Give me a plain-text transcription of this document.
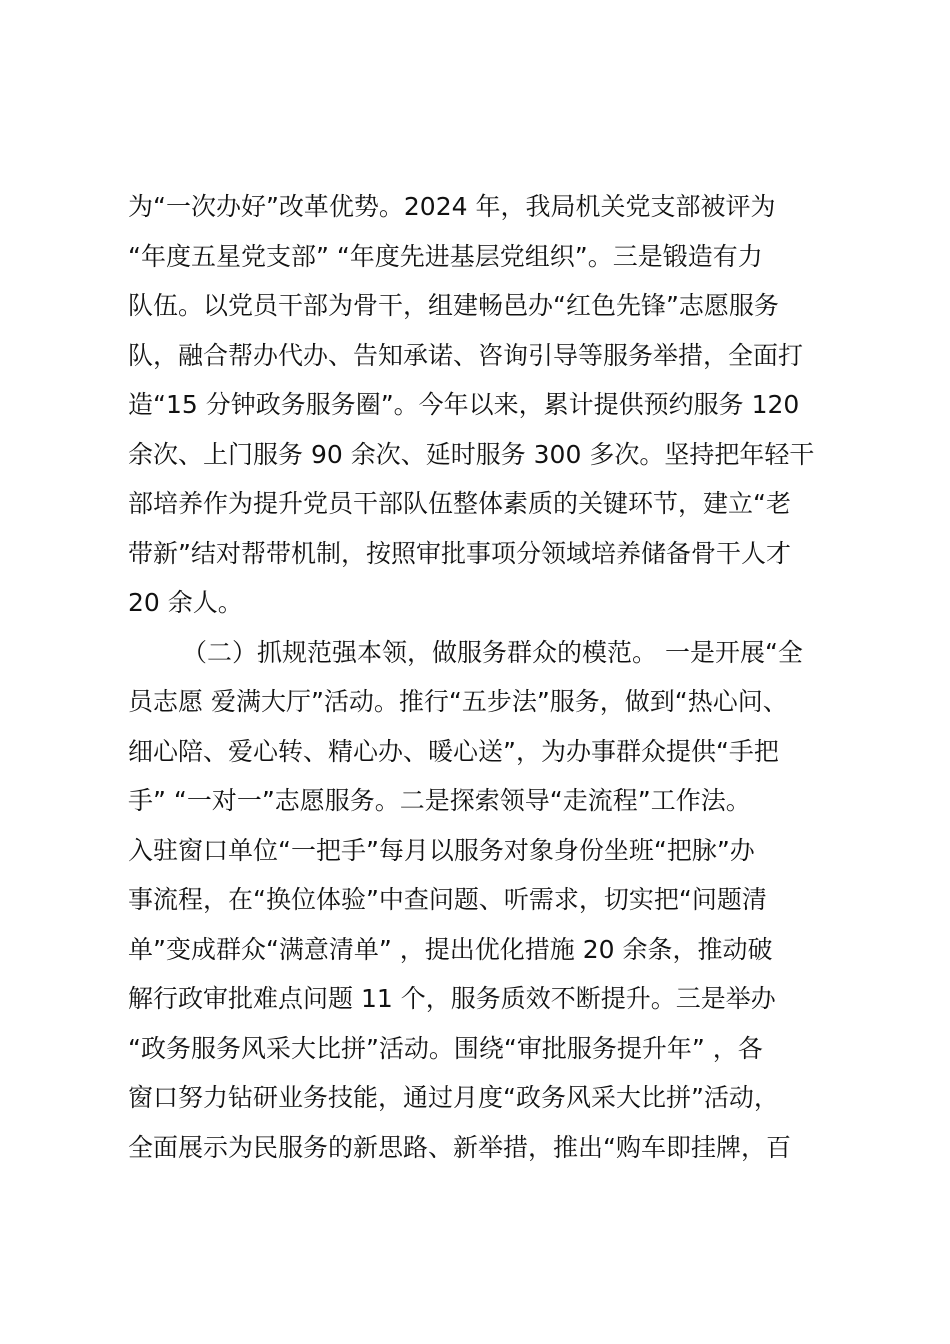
为“一次办好”改革优势。2024 年，我局机关党支部被评为
“年度五星党支部” “年度先进基层党组织”。三是锻造有力
队伍。以党员干部为骨干，组建畅邑办“红色先锋”志愿服务
队，融合帮办代办、告知承诺、咨询引导等服务举措，全面打
造“15 分钟政务服务圈”。今年以来，累计提供预约服务 120
余次、上门服务 90 余次、延时服务 300 多次。坚持把年轻干
部培养作为提升党员干部队伍整体素质的关键环节，建立“老
带新”结对帮带机制，按照审批事项分领域培养储备骨干人才
20 余人。
（二）抓规范强本领，做服务群众的模范。 一是开展“全
员志愿 爱满大厅”活动。推行“五步法”服务，做到“热心问、
细心陪、爱心转、精心办、暖心送”，为办事群众提供“手把
手” “一对一”志愿服务。二是探索领导“走流程”工作法。
入驻窗口单位“一把手”每月以服务对象身份坐班“把脉”办
事流程，在“换位体验”中查问题、听需求，切实把“问题清
单”变成群众“满意清单” ，提出优化措施 20 余条，推动破
解行政审批难点问题 11 个，服务质效不断提升。三是举办
“政务服务风采大比拼”活动。围绕“审批服务提升年” ，各
窗口努力钻研业务技能，通过月度“政务风采大比拼”活动，
全面展示为民服务的新思路、新举措，推出“购车即挂牌，百
